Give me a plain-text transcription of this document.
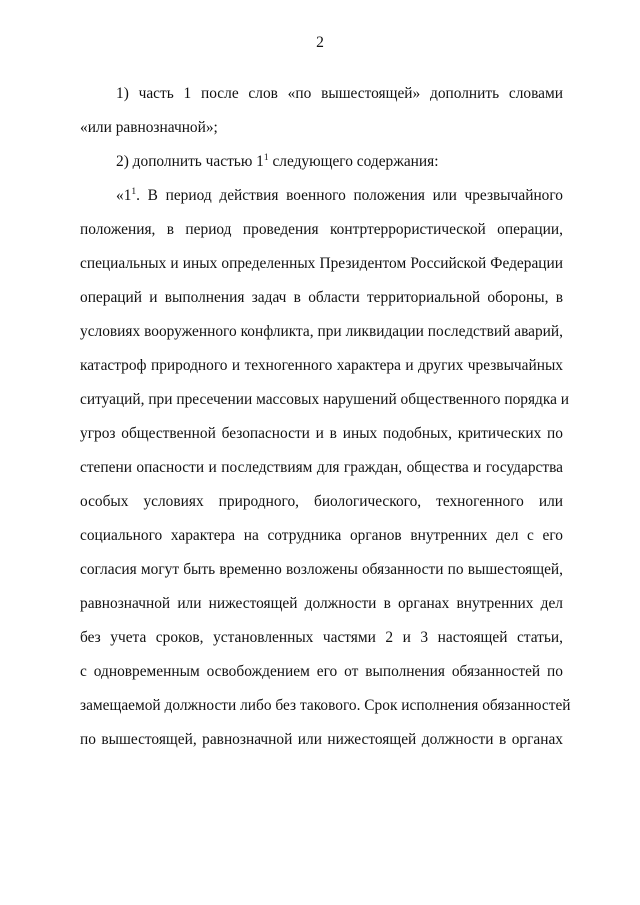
2
1) часть 1 после слов «по вышестоящей» дополнить словами
«или равнозначной»;
2) дополнить частью $1^1$ следующего содержания:
«$1^1$. В период действия военного положения или чрезвычайного
положения, в период проведения контртеррористической операции,
специальных и иных определенных Президентом Российской Федерации
операций и выполнения задач в области территориальной обороны, в
условиях вооруженного конфликта, при ликвидации последствий аварий,
катастроф природного и техногенного характера и других чрезвычайных
ситуаций, при пресечении массовых нарушений общественного порядка и
угроз общественной безопасности и в иных подобных, критических по
степени опасности и последствиям для граждан, общества и государства
особых условиях природного, биологического, техногенного или
социального характера на сотрудника органов внутренних дел с его
согласия могут быть временно возложены обязанности по вышестоящей,
равнозначной или нижестоящей должности в органах внутренних дел
без учета сроков, установленных частями 2 и 3 настоящей статьи,
с одновременным освобождением его от выполнения обязанностей по
замещаемой должности либо без такового. Срок исполнения обязанностей
по вышестоящей, равнозначной или нижестоящей должности в органах
